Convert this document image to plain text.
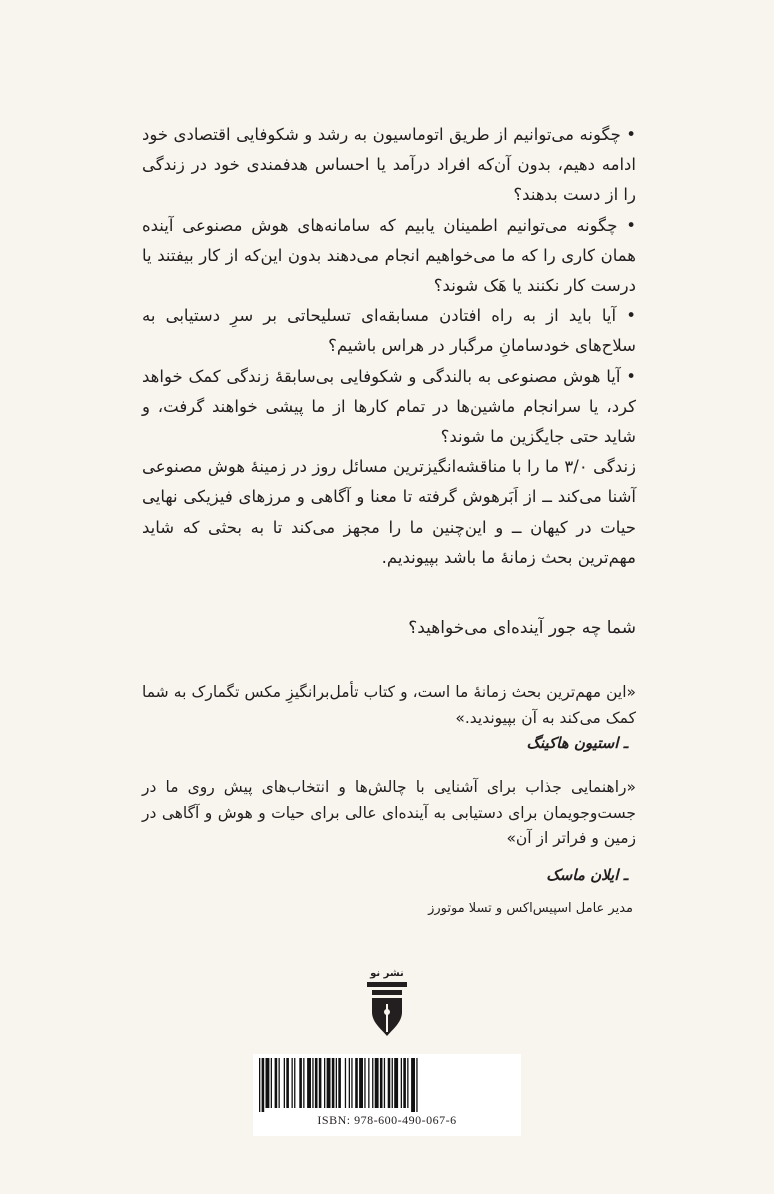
• چگونه می‌توانیم از طریق اتوماسیون به رشد و شکوفایی اقتصادی خود ادامه دهیم، بدون آن‌که افراد درآمد یا احساس هدفمندی خود در زندگی را از دست بدهند؟

• چگونه می‌توانیم اطمینان یابیم که سامانه‌های هوش مصنوعی آینده همان کاری را که ما می‌خواهیم انجام می‌دهند بدون این‌که از کار بیفتند یا درست کار نکنند یا هَک شوند؟

• آیا باید از به راه افتادن مسابقه‌ای تسلیحاتی بر سرِ دستیابی به سلاح‌های خودسامانِ مرگبار در هراس باشیم؟

• آیا هوش مصنوعی به بالندگی و شکوفایی بی‌سابقهٔ زندگی کمک خواهد کرد، یا سرانجام ماشین‌ها در تمام کارها از ما پیشی خواهند گرفت، و شاید حتی جایگزین ما شوند؟

زندگی ۳/۰ ما را با مناقشه‌انگیزترین مسائل روز در زمینهٔ هوش مصنوعی آشنا می‌کند ــ از اَبَرهوش گرفته تا معنا و آگاهی و مرزهای فیزیکی نهایی حیات در کیهان ــ و این‌چنین ما را مجهز می‌کند تا به بحثی که شاید مهم‌ترین بحث زمانهٔ ما باشد بپیوندیم.

شما چه جور آینده‌ای می‌خواهید؟

«این مهم‌ترین بحث زمانهٔ ما است، و کتاب تأمل‌برانگیزِ مکس تگمارک به شما کمک می‌کند به آن بپیوندید.»

ـ استیون هاکینگ

«راهنمایی جذاب برای آشنایی با چالش‌ها و انتخاب‌های پیش روی ما در جست‌وجویمان برای دستیابی به آینده‌ای عالی برای حیات و هوش و آگاهی در زمین و فراتر از آن»

ـ ایلان ماسک
مدیر عامل اسپیس‌اکس و تسلا موتورز
نشر نو
ISBN: 978-600-490-067-6
